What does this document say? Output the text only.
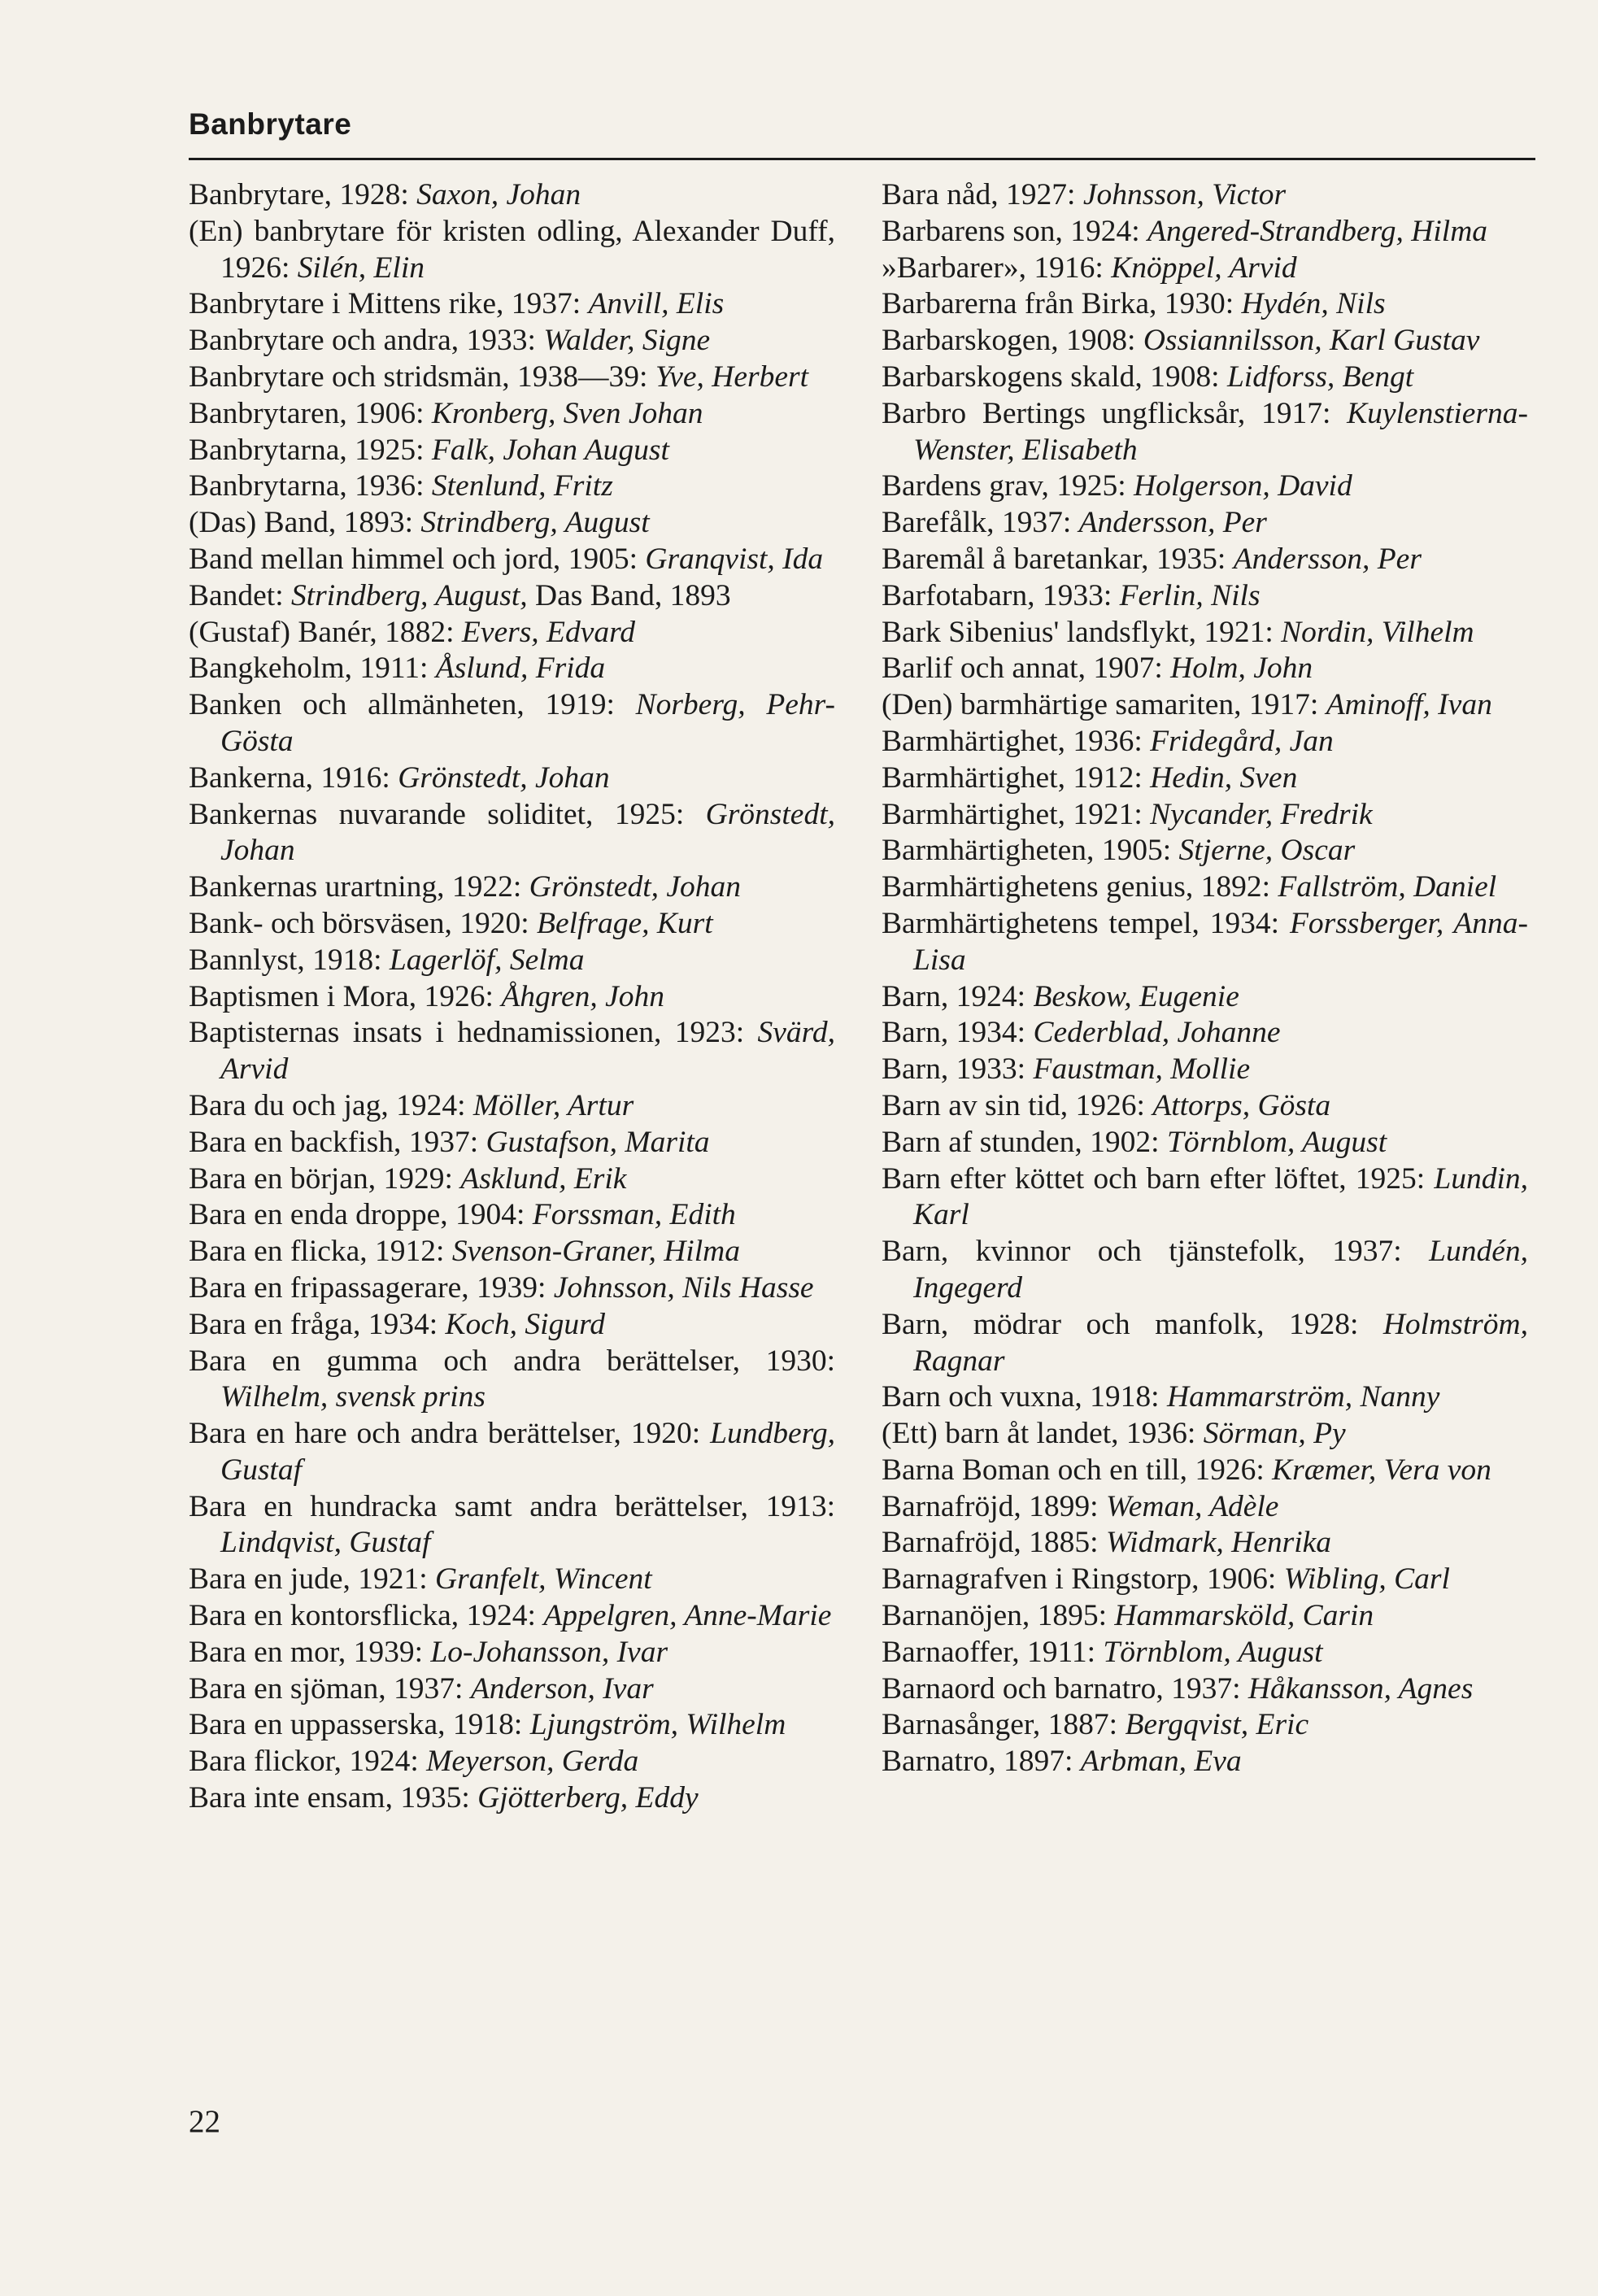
Banbrytare
Banbrytare, 1928: Saxon, Johan
(En) banbrytare för kristen odling, Alexander Duff, 1926: Silén, Elin
Banbrytare i Mittens rike, 1937: Anvill, Elis
Banbrytare och andra, 1933: Walder, Signe
Banbrytare och stridsmän, 1938—39: Yve, Herbert
Banbrytaren, 1906: Kronberg, Sven Johan
Banbrytarna, 1925: Falk, Johan August
Banbrytarna, 1936: Stenlund, Fritz
(Das) Band, 1893: Strindberg, August
Band mellan himmel och jord, 1905: Granqvist, Ida
Bandet: Strindberg, August, Das Band, 1893
(Gustaf) Banér, 1882: Evers, Edvard
Bangkeholm, 1911: Åslund, Frida
Banken och allmänheten, 1919: Norberg, Pehr-Gösta
Bankerna, 1916: Grönstedt, Johan
Bankernas nuvarande soliditet, 1925: Grönstedt, Johan
Bankernas urartning, 1922: Grönstedt, Johan
Bank- och börsväsen, 1920: Belfrage, Kurt
Bannlyst, 1918: Lagerlöf, Selma
Baptismen i Mora, 1926: Åhgren, John
Baptisternas insats i hednamissionen, 1923: Svärd, Arvid
Bara du och jag, 1924: Möller, Artur
Bara en backfish, 1937: Gustafson, Marita
Bara en början, 1929: Asklund, Erik
Bara en enda droppe, 1904: Forssman, Edith
Bara en flicka, 1912: Svenson-Graner, Hilma
Bara en fripassagerare, 1939: Johnsson, Nils Hasse
Bara en fråga, 1934: Koch, Sigurd
Bara en gumma och andra berättelser, 1930: Wilhelm, svensk prins
Bara en hare och andra berättelser, 1920: Lundberg, Gustaf
Bara en hundracka samt andra berättelser, 1913: Lindqvist, Gustaf
Bara en jude, 1921: Granfelt, Wincent
Bara en kontorsflicka, 1924: Appelgren, Anne-Marie
Bara en mor, 1939: Lo-Johansson, Ivar
Bara en sjöman, 1937: Anderson, Ivar
Bara en uppasserska, 1918: Ljungström, Wilhelm
Bara flickor, 1924: Meyerson, Gerda
Bara inte ensam, 1935: Gjötterberg, Eddy
Bara nåd, 1927: Johnsson, Victor
Barbarens son, 1924: Angered-Strandberg, Hilma
»Barbarer», 1916: Knöppel, Arvid
Barbarerna från Birka, 1930: Hydén, Nils
Barbarskogen, 1908: Ossiannilsson, Karl Gustav
Barbarskogens skald, 1908: Lidforss, Bengt
Barbro Bertings ungflicksår, 1917: Kuylenstierna-Wenster, Elisabeth
Bardens grav, 1925: Holgerson, David
Barefålk, 1937: Andersson, Per
Baremål å baretankar, 1935: Andersson, Per
Barfotabarn, 1933: Ferlin, Nils
Bark Sibenius' landsflykt, 1921: Nordin, Vilhelm
Barlif och annat, 1907: Holm, John
(Den) barmhärtige samariten, 1917: Aminoff, Ivan
Barmhärtighet, 1936: Fridegård, Jan
Barmhärtighet, 1912: Hedin, Sven
Barmhärtighet, 1921: Nycander, Fredrik
Barmhärtigheten, 1905: Stjerne, Oscar
Barmhärtighetens genius, 1892: Fallström, Daniel
Barmhärtighetens tempel, 1934: Forssberger, Anna-Lisa
Barn, 1924: Beskow, Eugenie
Barn, 1934: Cederblad, Johanne
Barn, 1933: Faustman, Mollie
Barn av sin tid, 1926: Attorps, Gösta
Barn af stunden, 1902: Törnblom, August
Barn efter köttet och barn efter löftet, 1925: Lundin, Karl
Barn, kvinnor och tjänstefolk, 1937: Lundén, Ingegerd
Barn, mödrar och manfolk, 1928: Holmström, Ragnar
Barn och vuxna, 1918: Hammarström, Nanny
(Ett) barn åt landet, 1936: Sörman, Py
Barna Boman och en till, 1926: Kræmer, Vera von
Barnafröjd, 1899: Weman, Adèle
Barnafröjd, 1885: Widmark, Henrika
Barnagrafven i Ringstorp, 1906: Wibling, Carl
Barnanöjen, 1895: Hammarsköld, Carin
Barnaoffer, 1911: Törnblom, August
Barnaord och barnatro, 1937: Håkansson, Agnes
Barnasånger, 1887: Bergqvist, Eric
Barnatro, 1897: Arbman, Eva
22
